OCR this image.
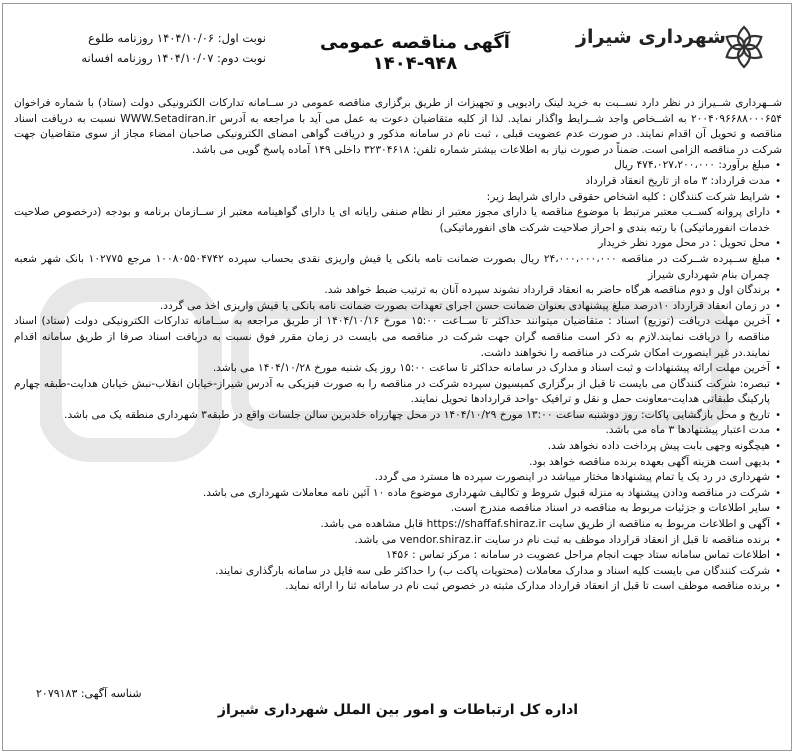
شهرداری شیراز
آگهی مناقصه عمومی ۹۴۸-۱۴۰۴
نوبت اول: ۱۴۰۴/۱۰/۰۶ روزنامه طلوع
نوبت دوم: ۱۴۰۴/۱۰/۰۷ روزنامه افسانه

شــهرداری شــیراز در نظر دارد نســبت به خرید لینک رادیویی و تجهیزات از طریق برگزاری مناقصه عمومی در ســامانه تدارکات الکترونیکی دولت (ستاد) با شماره فراخوان ۲۰۰۴۰۹۶۶۸۸۰۰۰۶۵۴ به اشــخاص واجد شــرایط واگذار نماید. لذا از کلیه متقاضیان دعوت به عمل می آید با مراجعه به آدرس WWW.Setadiran.ir نسبت به دریافت اسناد مناقصه و تحویل آن اقدام نمایند. در صورت عدم عضویت قبلی ، ثبت نام در سامانه مذکور و دریافت گواهی امضای الکترونیکی صاحبان امضاء مجاز از سوی متقاضیان جهت شرکت در مناقصه الزامی است. ضمناً در صورت نیاز به اطلاعات بیشتر شماره تلفن: ۳۲۳۰۴۶۱۸ داخلی ۱۴۹ آماده پاسخ گویی می باشد.

• مبلغ برآورد: ۴۷۴،۰۲۷،۲۰۰،۰۰۰ ریال

• مدت قرارداد: ۳ ماه از تاریخ انعقاد قرارداد

• شرایط شرکت کنندگان : کلیه اشخاص حقوقی دارای شرایط زیر:

• دارای پروانه کســب معتبر مرتبط با موضوع مناقصه یا دارای مجوز معتبر از نظام صنفی رایانه ای یا دارای گواهینامه معتبر از ســازمان برنامه و بودجه (درخصوص صلاحیت خدمات انفورماتیکی) با رتبه بندی و احراز صلاحیت شرکت های انفورماتیکی)

• محل تحویل : در محل مورد نظر خریدار

• مبلغ ســپرده شــرکت در مناقصه ۲۴،۰۰۰،۰۰۰،۰۰۰ ریال بصورت ضمانت نامه بانکی یا فیش واریزی نقدی بحساب سپرده ۱۰۰۸۰۵۵۰۴۷۴۲ مرجع ۱۰۲۷۷۵ بانک شهر شعبه چمران بنام شهرداری شیراز

• برندگان اول و دوم مناقصه هرگاه حاضر به انعقاد قرارداد نشوند سپرده آنان به ترتیب ضبط خواهد شد.

• در زمان انعقاد قرارداد ۱۰درصد مبلغ پیشنهادی بعنوان ضمانت حسن اجرای تعهدات بصورت ضمانت نامه بانکی یا فیش واریزی اخذ می گردد.

• آخرین مهلت دریافت (توزیع) اسناد : متقاضیان میتوانند حداکثر تا ســاعت ۱۵:۰۰ مورخ ۱۴۰۴/۱۰/۱۶ از طریق مراجعه به ســامانه تدارکات الکترونیکی دولت (ستاد) اسناد مناقصه را دریافت نمایند.لازم به ذکر است مناقصه گران جهت شرکت در مناقصه می بایست در زمان مقرر فوق نسبت به دریافت اسناد صرفا از طریق سامانه اقدام نمایند.در غیر اینصورت امکان شرکت در مناقصه را نخواهند داشت.

• آخرین مهلت ارائه پیشنهادات و ثبت اسناد و مدارک در سامانه حداکثر تا ساعت ۱۵:۰۰ روز یک شنبه مورخ ۱۴۰۴/۱۰/۲۸ می باشد.

• تبصره: شرکت کنندگان می بایست تا قبل از برگزاری کمیسیون سپرده شرکت در مناقصه را به صورت فیزیکی به آدرس شیراز-خیابان انقلاب-نبش خیابان هدایت-طبقه چهارم پارکینگ طبقاتی هدایت-معاونت حمل و نقل و ترافیک -واحد قراردادها تحویل نمایند.

• تاریخ و محل بازگشایی پاکات: روز دوشنبه ساعت ۱۳:۰۰ مورخ ۱۴۰۴/۱۰/۲۹ در محل چهارراه خلدبرین سالن جلسات واقع در طبقه۳ شهرداری منطقه یک می باشد.

• مدت اعتبار پیشنهادها ۳ ماه می باشد.

• هیچگونه وجهی بابت پیش پرداخت داده نخواهد شد.

• بدیهی است هزینه آگهی بعهده برنده مناقصه خواهد بود.

• شهرداری در رد یک یا تمام پیشنهادها مختار میباشد در اینصورت سپرده ها مسترد می گردد.

• شرکت در مناقصه ودادن پیشنهاد به منزله قبول شروط و تکالیف شهرداری موضوع ماده ۱۰ آئین نامه معاملات شهرداری می باشد.

• سایر اطلاعات و جزئیات مربوط به مناقصه در اسناد مناقصه مندرج است.

• آگهی و اطلاعات مربوط به مناقصه از طریق سایت https://shaffaf.shiraz.ir قابل مشاهده می باشد.

• برنده مناقصه تا قبل از انعقاد قرارداد موظف به ثبت نام در سایت vendor.shiraz.ir می باشد.

• اطلاعات تماس سامانه ستاد جهت انجام مراحل عضویت در سامانه : مرکز تماس : ۱۴۵۶

• شرکت کنندگان می بایست کلیه اسناد و مدارک معاملات (محتویات پاکت ب) را حداکثر طی سه فایل در سامانه بارگذاری نمایند.

• برنده مناقصه موظف است تا قبل از انعقاد قرارداد مدارک مثبته در خصوص ثبت نام در سامانه ثنا را ارائه نماید.

شناسه آگهی: ۲۰۷۹۱۸۳
اداره کل ارتباطات و امور بین الملل شهرداری شیراز
